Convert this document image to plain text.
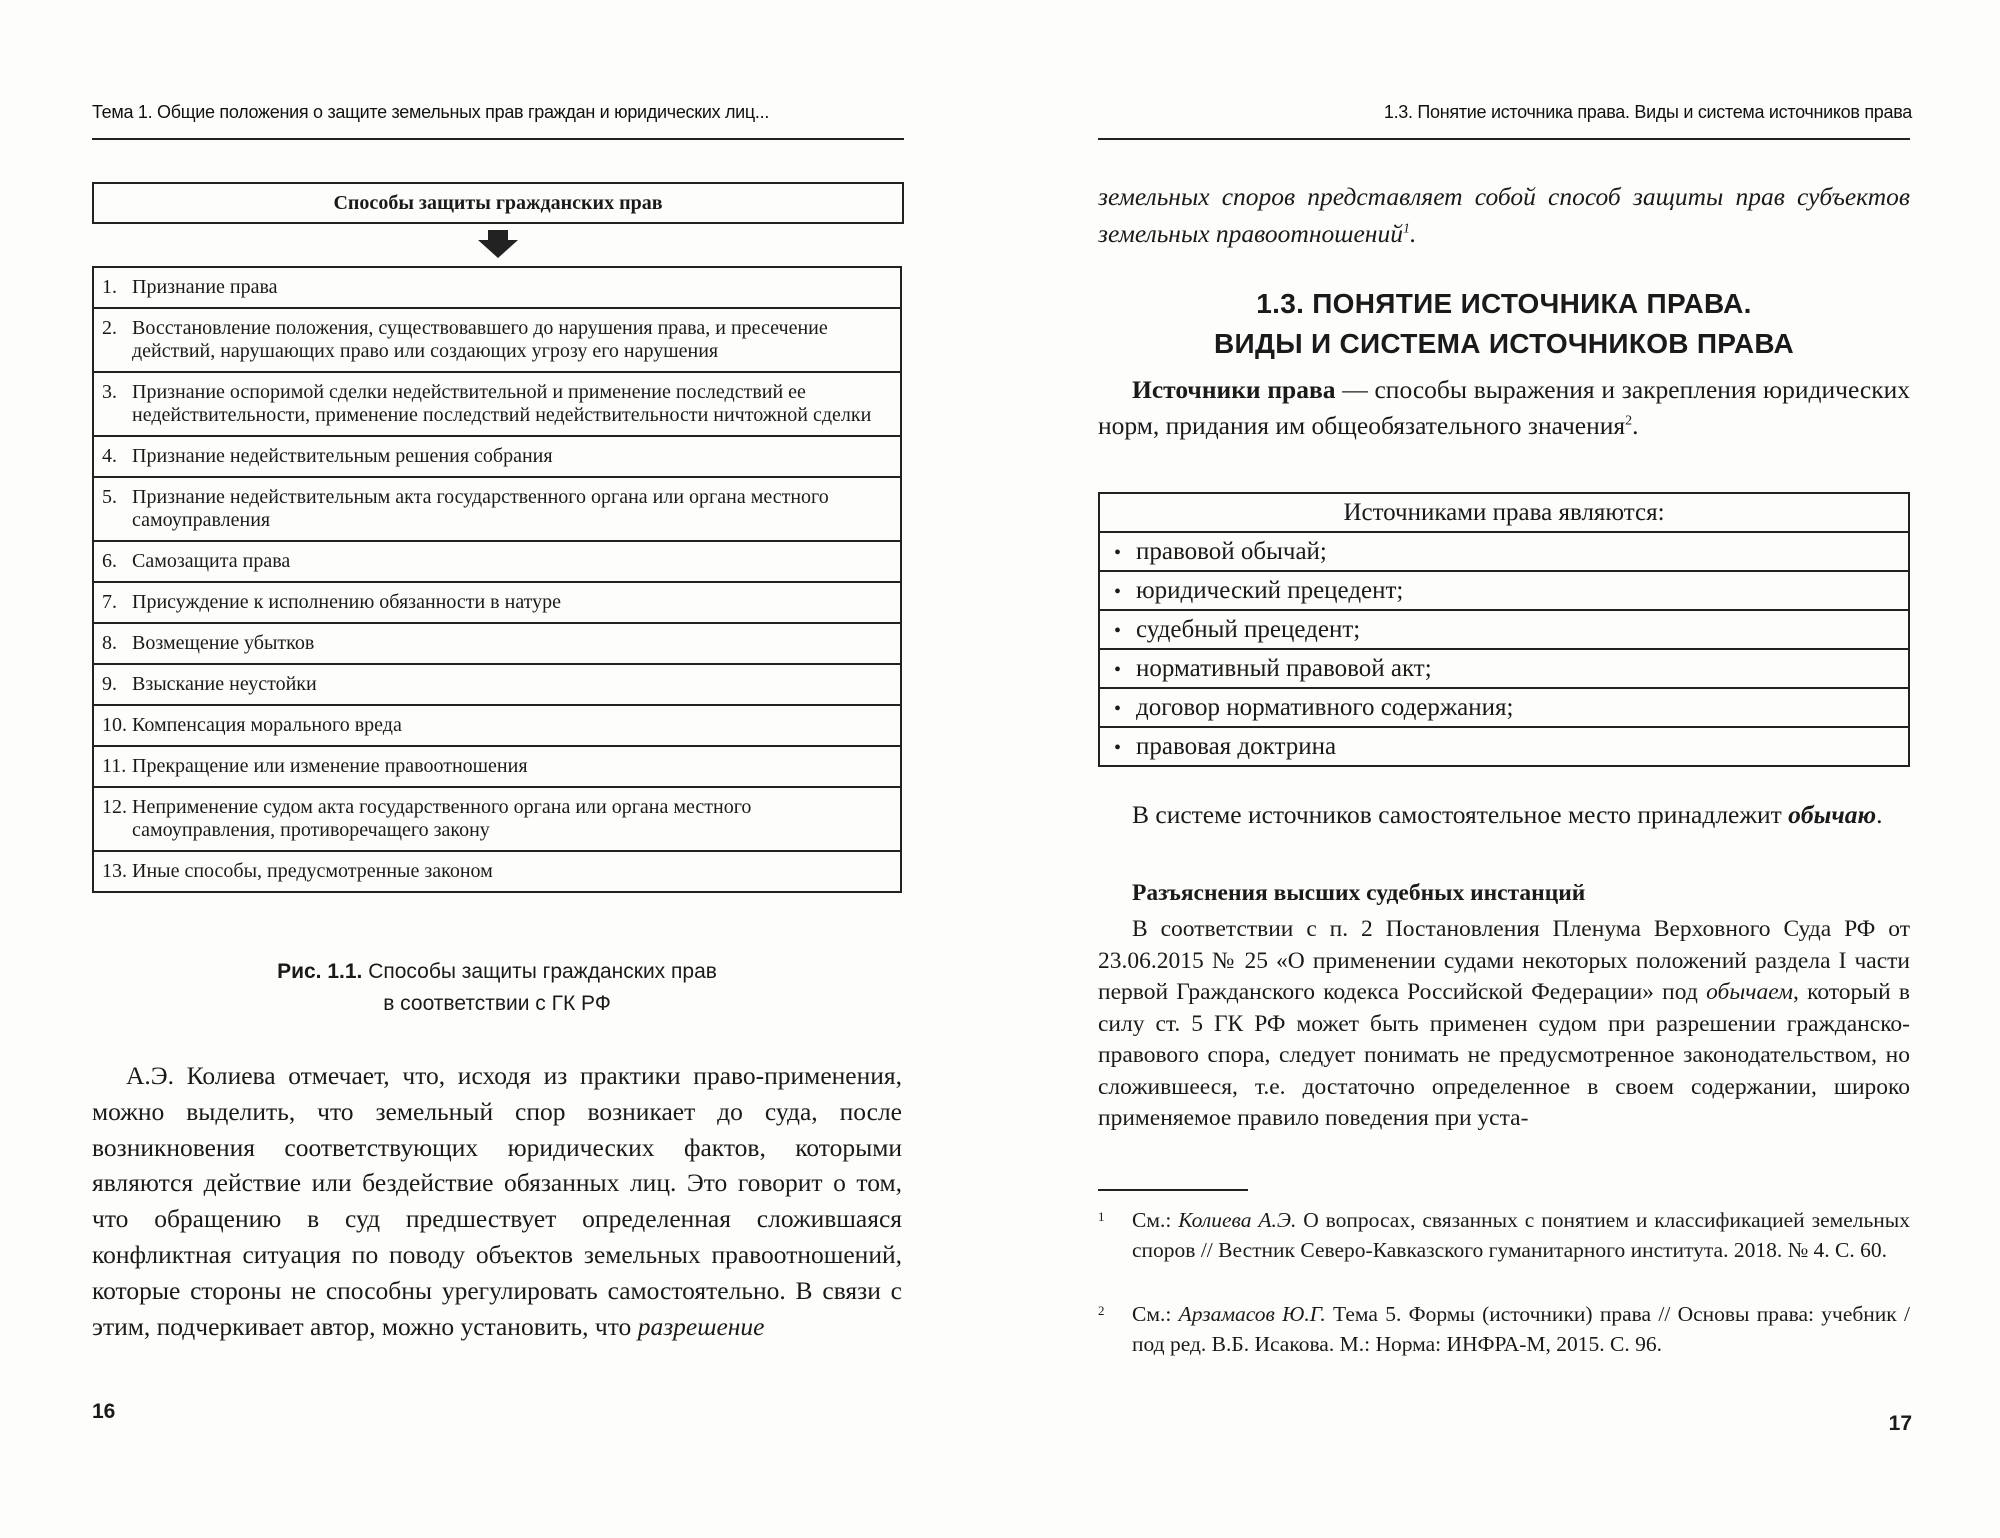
Тема 1. Общие положения о защите земельных прав граждан и юридических лиц...
Способы защиты гражданских прав
1. Признание права
2. Восстановление положения, существовавшего до нарушения права, и пресечение действий, нарушающих право или создающих угрозу его нарушения
3. Признание оспоримой сделки недействительной и применение последствий ее недействительности, применение последствий недействительности ничтожной сделки
4. Признание недействительным решения собрания
5. Признание недействительным акта государственного органа или органа местного самоуправления
6. Самозащита права
7. Присуждение к исполнению обязанности в натуре
8. Возмещение убытков
9. Взыскание неустойки
10. Компенсация морального вреда
11. Прекращение или изменение правоотношения
12. Неприменение судом акта государственного органа или органа местного самоуправления, противоречащего закону
13. Иные способы, предусмотренные законом
Рис. 1.1. Способы защиты гражданских прав
в соответствии с ГК РФ
А.Э. Колиева отмечает, что, исходя из практики право-применения, можно выделить, что земельный спор возникает до суда, после возникновения соответствующих юридических фактов, которыми являются действие или бездействие обязанных лиц. Это говорит о том, что обращению в суд предшествует определенная сложившаяся конфликтная ситуация по поводу объектов земельных правоотношений, которые стороны не способны урегулировать самостоятельно. В связи с этим, подчеркивает автор, можно установить, что разрешение
16
1.3. Понятие источника права. Виды и система источников права
земельных споров представляет собой способ защиты прав субъектов земельных правоотношений$^1$.
1.3. ПОНЯТИЕ ИСТОЧНИКА ПРАВА.
ВИДЫ И СИСТЕМА ИСТОЧНИКОВ ПРАВА
Источники права — способы выражения и закрепления юридических норм, придания им общеобязательного значения$^2$.
Источниками права являются:
• правовой обычай;
• юридический прецедент;
• судебный прецедент;
• нормативный правовой акт;
• договор нормативного содержания;
• правовая доктрина
В системе источников самостоятельное место принадлежит обычаю.
Разъяснения высших судебных инстанций
В соответствии с п. 2 Постановления Пленума Верховного Суда РФ от 23.06.2015 № 25 «О применении судами некоторых положений раздела I части первой Гражданского кодекса Российской Федерации» под обычаем, который в силу ст. 5 ГК РФ может быть применен судом при разрешении гражданско-правового спора, следует понимать не предусмотренное законодательством, но сложившееся, т.е. достаточно определенное в своем содержании, широко применяемое правило поведения при уста-
1	См.: Колиева А.Э. О вопросах, связанных с понятием и классификацией земельных споров // Вестник Северо-Кавказского гуманитарного института. 2018. № 4. С. 60.
2	См.: Арзамасов Ю.Г. Тема 5. Формы (источники) права // Основы права: учебник / под ред. В.Б. Исакова. М.: Норма: ИНФРА-М, 2015. С. 96.
17
